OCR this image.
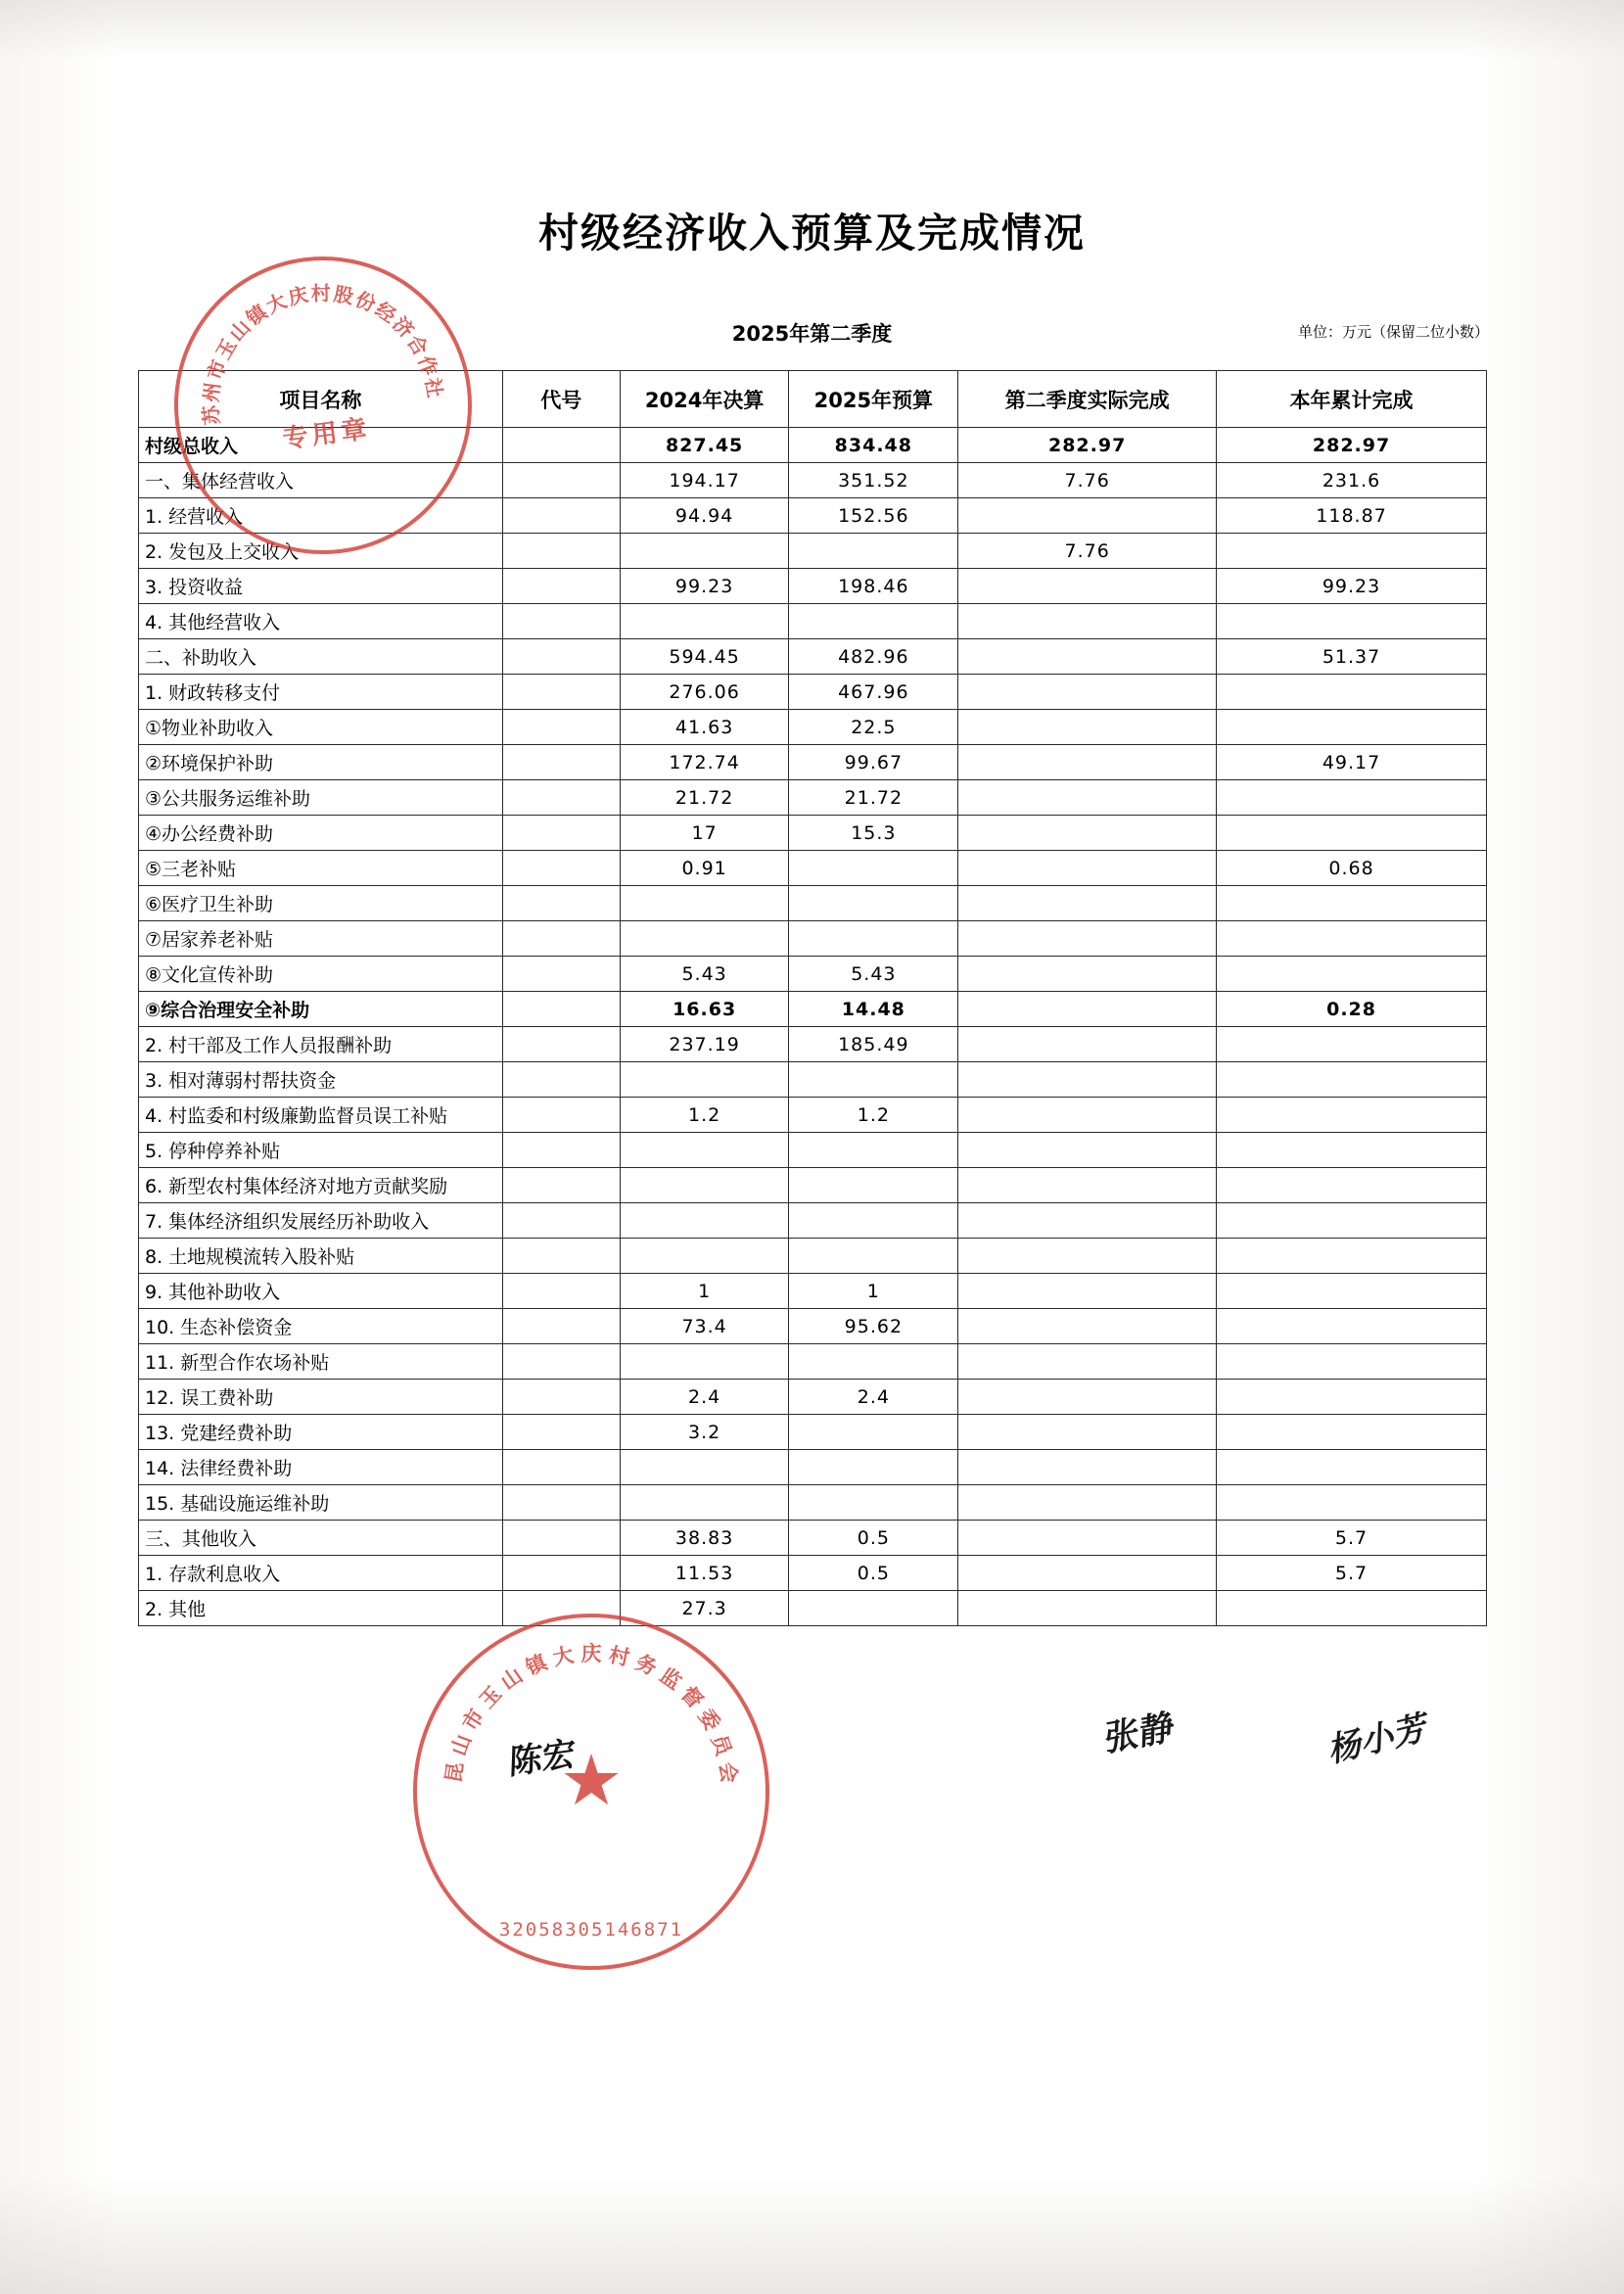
村级经济收入预算及完成情况
2025年第二季度	单位：万元（保留二位小数）
项目名称	代号	2024年决算	2025年预算	第二季度实际完成	本年累计完成
村级总收入		827.45	834.48	282.97	282.97
一、集体经营收入		194.17	351.52	7.76	231.6
1. 经营收入		94.94	152.56		118.87
2. 发包及上交收入				7.76	
3. 投资收益		99.23	198.46		99.23
4. 其他经营收入					
二、补助收入		594.45	482.96		51.37
1. 财政转移支付		276.06	467.96		
①物业补助收入		41.63	22.5		
②环境保护补助		172.74	99.67		49.17
③公共服务运维补助		21.72	21.72		
④办公经费补助		17	15.3		
⑤三老补贴		0.91			0.68
⑥医疗卫生补助					
⑦居家养老补贴					
⑧文化宣传补助		5.43	5.43		
⑨综合治理安全补助		16.63	14.48		0.28
2. 村干部及工作人员报酬补助		237.19	185.49		
3. 相对薄弱村帮扶资金					
4. 村监委和村级廉勤监督员误工补贴		1.2	1.2		
5. 停种停养补贴					
6. 新型农村集体经济对地方贡献奖励					
7. 集体经济组织发展经历补助收入					
8. 土地规模流转入股补贴					
9. 其他补助收入		1	1		
10. 生态补偿资金		73.4	95.62		
11. 新型合作农场补贴					
12. 误工费补助		2.4	2.4		
13. 党建经费补助		3.2			
14. 法律经费补助					
15. 基础设施运维补助					
三、其他收入		38.83	0.5		5.7
1. 存款利息收入		11.53	0.5		5.7
2. 其他		27.3			
苏
州
市
玉
山
镇
大
庆 村 股
份
经
济
合
作
社
专用章
昆
山
市
玉
山
镇 大 庆 村 务
监
督
委
员
会
★
32058305146871
陈宏	张静	杨小芳
